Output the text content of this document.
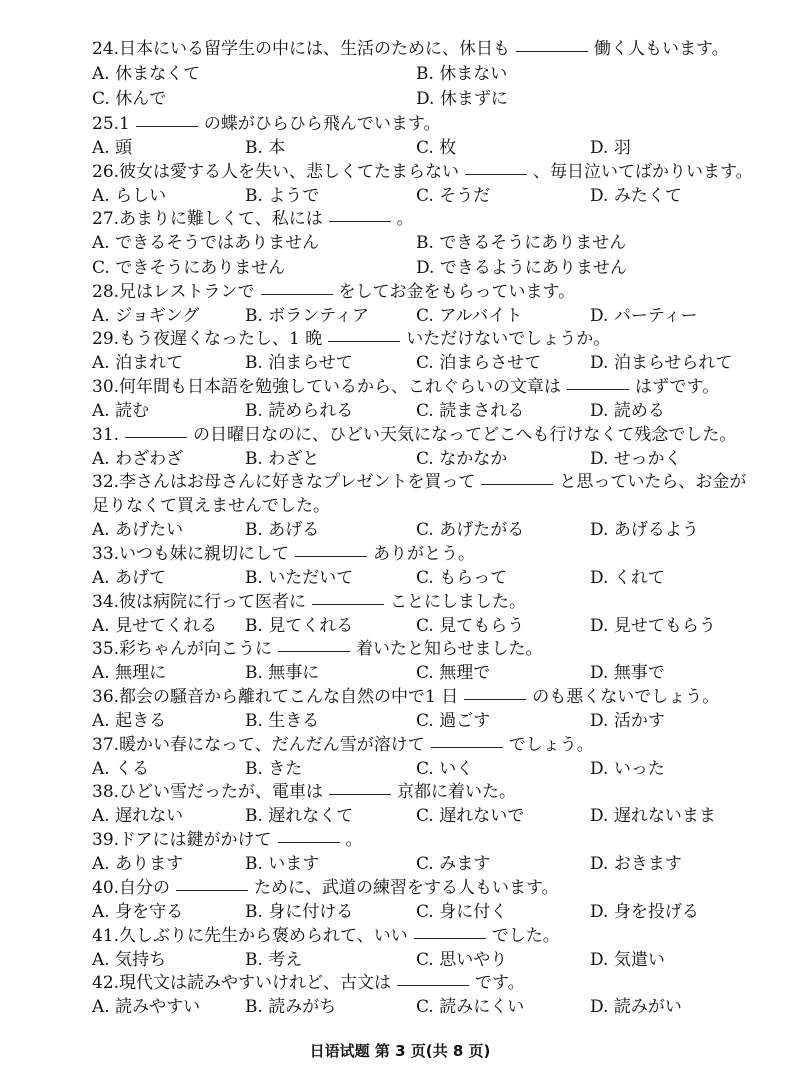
24.日本にいる留学生の中には、生活のために、休日も	働く人もいます。
A. 休まなくて	B. 休まない
C. 休んで	D. 休まずに
25.1	の蝶がひらひら飛んでいます。
A. 頭	B. 本	C. 枚	D. 羽
26.彼女は愛する人を失い、悲しくてたまらない	、毎日泣いてばかりいます。
A. らしい	B. ようで	C. そうだ	D. みたくて
27.あまりに難しくて、私には	。
A. できるそうではありません	B. できるそうにありません
C. できそうにありません	D. できるようにありません
28.兄はレストランで	をしてお金をもらっています。
A. ジョギング	B. ボランティア	C. アルバイト	D. パーティー
29.もう夜遅くなったし、1 晩	いただけないでしょうか。
A. 泊まれて	B. 泊まらせて	C. 泊まらさせて	D. 泊まらせられて
30.何年間も日本語を勉強しているから、これぐらいの文章は	はずです。
A. 読む	B. 読められる	C. 読まされる	D. 読める
31.	の日曜日なのに、ひどい天気になってどこへも行けなくて残念でした。
A. わざわざ	B. わざと	C. なかなか	D. せっかく
32.李さんはお母さんに好きなプレゼントを買って	と思っていたら、お金が
足りなくて買えませんでした。
A. あげたい	B. あげる	C. あげたがる	D. あげるよう
33.いつも妹に親切にして	ありがとう。
A. あげて	B. いただいて	C. もらって	D. くれて
34.彼は病院に行って医者に	ことにしました。
A. 見せてくれる B. 見てくれる	C. 見てもらう	D. 見せてもらう
35.彩ちゃんが向こうに	着いたと知らせました。
A. 無理に	B. 無事に	C. 無理で	D. 無事で
36.都会の騒音から離れてこんな自然の中で1 日	のも悪くないでしょう。
A. 起きる	B. 生きる	C. 過ごす	D. 活かす
37.暖かい春になって、だんだん雪が溶けて	でしょう。
A. くる	B. きた	C. いく	D. いった
38.ひどい雪だったが、電車は	京都に着いた。
A. 遅れない	B. 遅れなくて	C. 遅れないで	D. 遅れないまま
39.ドアには鍵がかけて	。
A. あります	B. います	C. みます	D. おきます
40.自分の	ために、武道の練習をする人もいます。
A. 身を守る	B. 身に付ける	C. 身に付く	D. 身を投げる
41.久しぶりに先生から褒められて、いい	でした。
A. 気持ち	B. 考え	C. 思いやり	D. 気遣い
42.現代文は読みやすいけれど、古文は	です。
A. 読みやすい	B. 読みがち	C. 読みにくい	D. 読みがい
日语试题 第 3 页(共 8 页)
